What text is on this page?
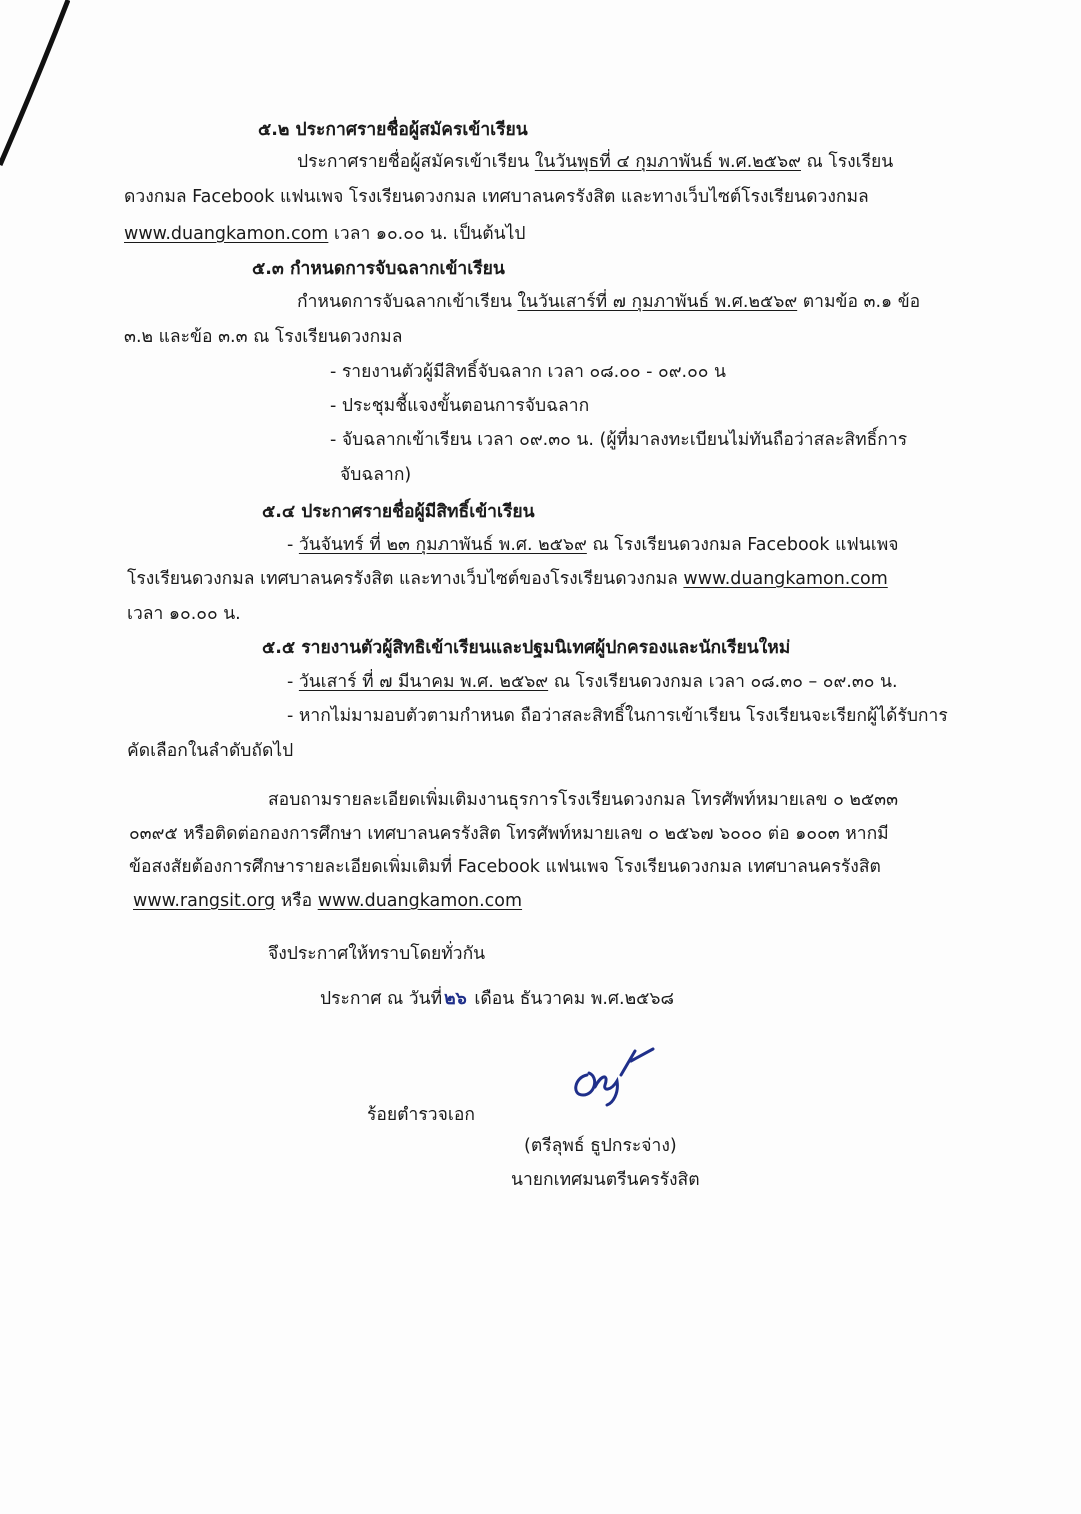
๕.๒ ประกาศรายชื่อผู้สมัครเข้าเรียน
ประกาศรายชื่อผู้สมัครเข้าเรียน ในวันพุธที่ ๔ กุมภาพันธ์ พ.ศ.๒๕๖๙ ณ โรงเรียน
ดวงกมล Facebook แฟนเพจ โรงเรียนดวงกมล เทศบาลนครรังสิต และทางเว็บไซต์โรงเรียนดวงกมล
www.duangkamon.com เวลา ๑๐.๐๐ น. เป็นต้นไป
๕.๓ กำหนดการจับฉลากเข้าเรียน
กำหนดการจับฉลากเข้าเรียน ในวันเสาร์ที่ ๗ กุมภาพันธ์ พ.ศ.๒๕๖๙ ตามข้อ ๓.๑ ข้อ
๓.๒ และข้อ ๓.๓ ณ โรงเรียนดวงกมล
- รายงานตัวผู้มีสิทธิ์จับฉลาก เวลา ๐๘.๐๐ - ๐๙.๐๐ น
- ประชุมชี้แจงขั้นตอนการจับฉลาก
- จับฉลากเข้าเรียน เวลา ๐๙.๓๐ น. (ผู้ที่มาลงทะเบียนไม่ทันถือว่าสละสิทธิ์การ
จับฉลาก)
๕.๔ ประกาศรายชื่อผู้มีสิทธิ์เข้าเรียน
- วันจันทร์ ที่ ๒๓ กุมภาพันธ์ พ.ศ. ๒๕๖๙ ณ โรงเรียนดวงกมล Facebook แฟนเพจ
โรงเรียนดวงกมล เทศบาลนครรังสิต และทางเว็บไซต์ของโรงเรียนดวงกมล www.duangkamon.com
เวลา ๑๐.๐๐ น.
๕.๕ รายงานตัวผู้สิทธิเข้าเรียนและปฐมนิเทศผู้ปกครองและนักเรียนใหม่
- วันเสาร์ ที่ ๗ มีนาคม พ.ศ. ๒๕๖๙ ณ โรงเรียนดวงกมล เวลา ๐๘.๓๐ – ๐๙.๓๐ น.
- หากไม่มามอบตัวตามกำหนด ถือว่าสละสิทธิ์ในการเข้าเรียน โรงเรียนจะเรียกผู้ได้รับการ
คัดเลือกในลำดับถัดไป
สอบถามรายละเอียดเพิ่มเติมงานธุรการโรงเรียนดวงกมล โทรศัพท์หมายเลข ๐ ๒๕๓๓
๐๓๙๕ หรือติดต่อกองการศึกษา เทศบาลนครรังสิต โทรศัพท์หมายเลข ๐ ๒๕๖๗ ๖๐๐๐ ต่อ ๑๐๐๓ หากมี
ข้อสงสัยต้องการศึกษารายละเอียดเพิ่มเติมที่ Facebook แฟนเพจ โรงเรียนดวงกมล เทศบาลนครรังสิต
www.rangsit.org หรือ www.duangkamon.com
จึงประกาศให้ทราบโดยทั่วกัน
ประกาศ ณ วันที่ ๒๖ เดือน ธันวาคม พ.ศ.๒๕๖๘
ร้อยตำรวจเอก
(ตรีลุพธ์ ธูปกระจ่าง)
นายกเทศมนตรีนครรังสิต
